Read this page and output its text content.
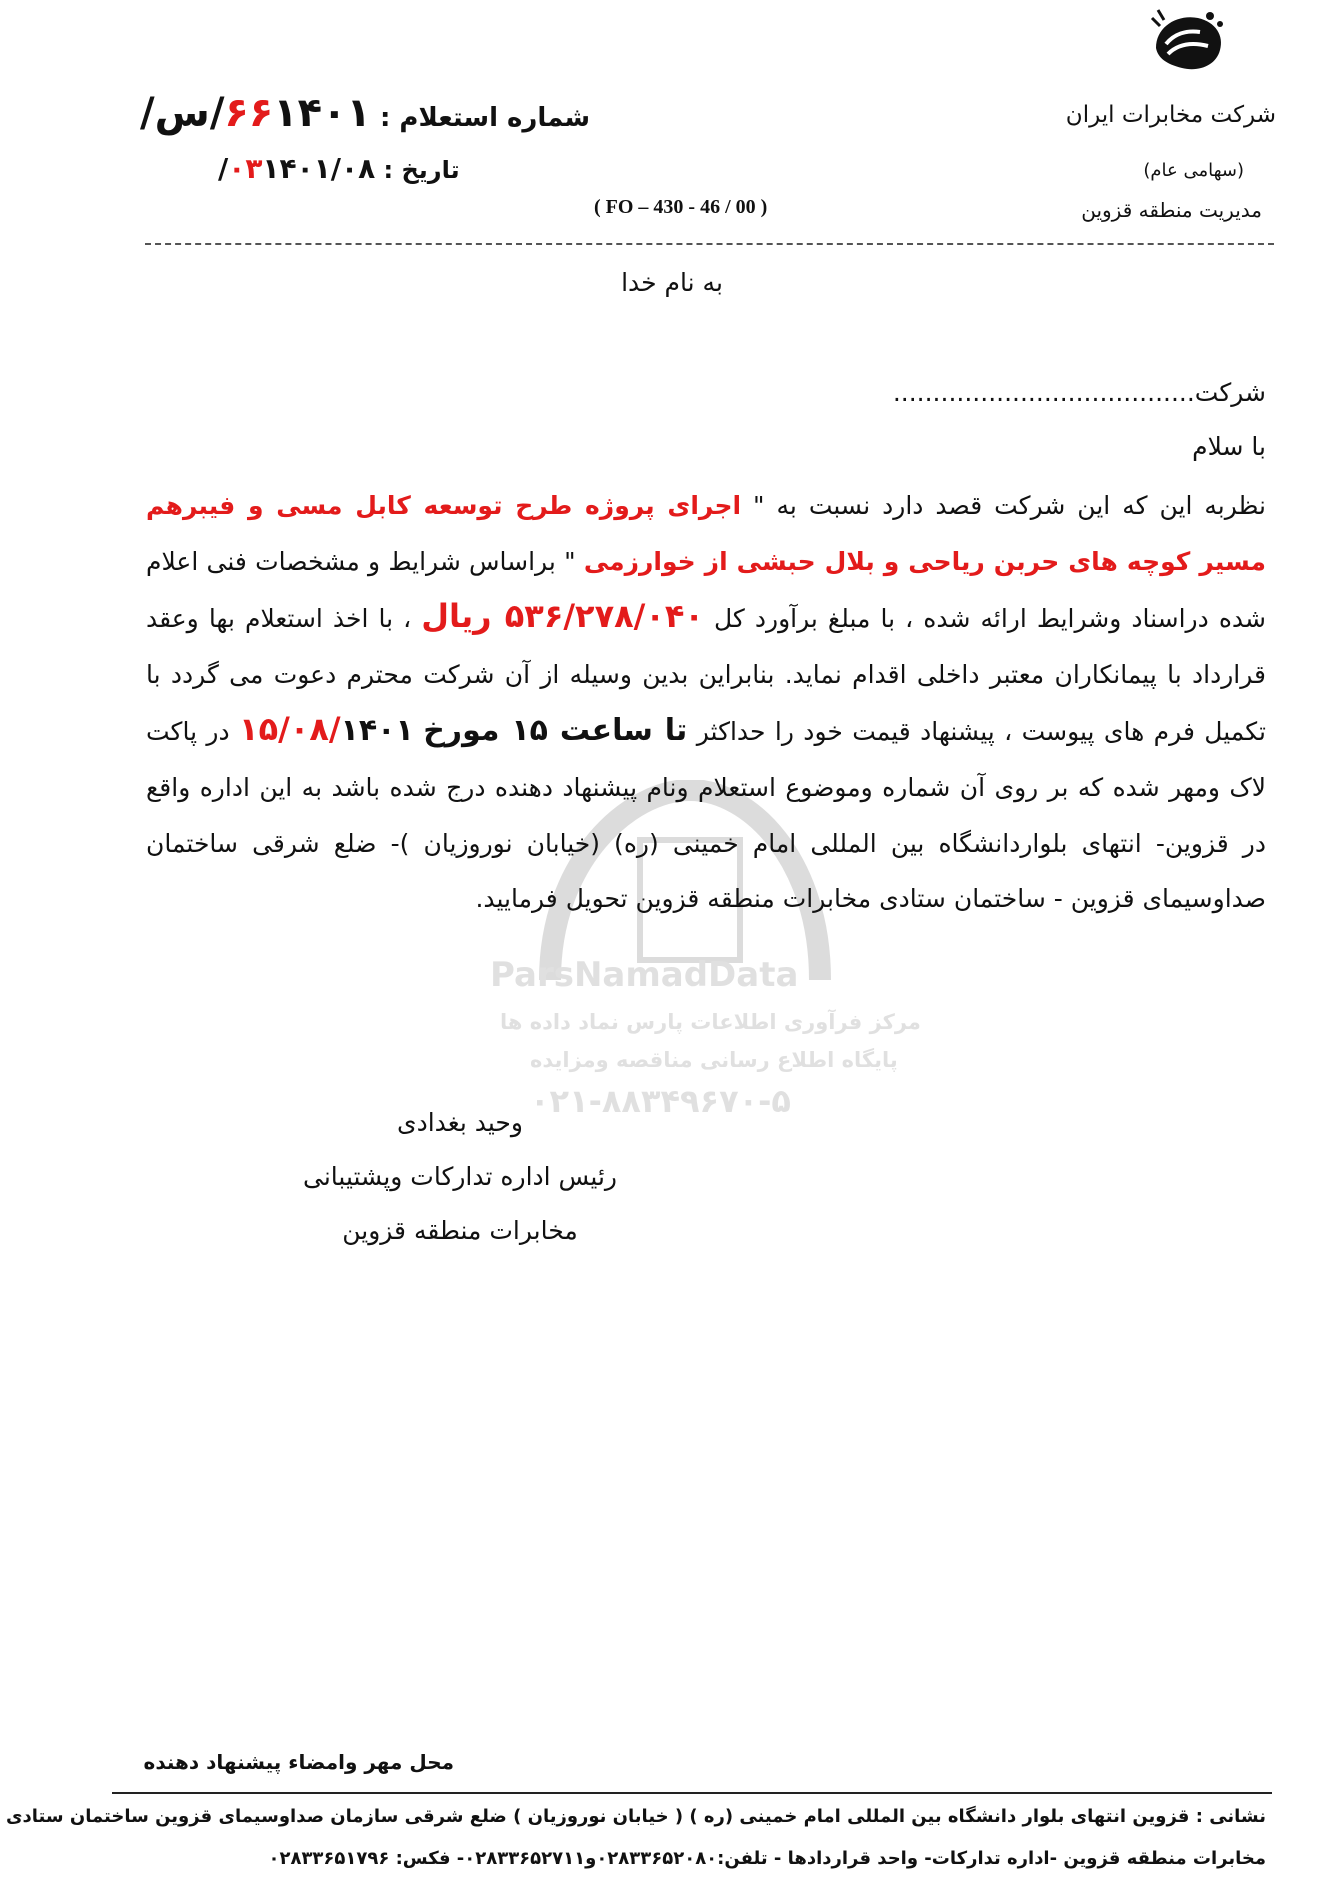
شرکت مخابرات ایران
(سهامی عام)
مدیریت منطقه قزوین
شماره استعلام : ۶۶۱۴۰۱/س/
تاریخ : ۰۳۱۴۰۱/۰۸/
( FO – 430 - 46 / 00 )
به نام خدا
شرکت......................................
با سلام
ParsNamadData
مرکز فرآوری اطلاعات پارس نماد داده ها
پایگاه اطلاع رسانی مناقصه ومزایده
۰۲۱-۸۸۳۴۹۶۷۰-۵
نظربه این که این شرکت قصد دارد نسبت به " اجرای پروژه طرح توسعه کابل مسی و فیبرهم مسیر کوچه های حربن ریاحی و بلال حبشی از خوارزمی " براساس شرایط و مشخصات فنی اعلام شده دراسناد وشرایط ارائه شده ، با مبلغ برآورد کل ۵۳۶/۲۷۸/۰۴۰ ریال ، با اخذ استعلام بها وعقد قرارداد با پیمانکاران معتبر داخلی اقدام نماید. بنابراین بدین وسیله از آن شرکت محترم دعوت می گردد با تکمیل فرم های پیوست ، پیشنهاد قیمت خود را حداکثر تا ساعت ۱۵ مورخ ۱۵/۰۸/۱۴۰۱ در پاکت لاک ومهر شده که بر روی آن شماره وموضوع استعلام ونام پیشنهاد دهنده درج شده باشد به این اداره واقع در قزوین- انتهای بلواردانشگاه بین المللی امام خمینی (ره) (خیابان نوروزیان )- ضلع شرقی ساختمان صداوسیمای قزوین - ساختمان ستادی مخابرات منطقه قزوین تحویل فرمایید.
وحید بغدادی
رئیس اداره تدارکات وپشتیبانی
مخابرات منطقه قزوین
محل مهر وامضاء پیشنهاد دهنده
نشانی : قزوین انتهای بلوار دانشگاه بین المللی امام خمینی (ره ) ( خیابان نوروزیان ) ضلع شرقی سازمان صداوسیمای قزوین ساختمان ستادی
مخابرات منطقه قزوین -اداره تدارکات- واحد قراردادها - تلفن:۰۲۸۳۳۶۵۲۰۸۰و۰۲۸۳۳۶۵۲۷۱۱- فکس: ۰۲۸۳۳۶۵۱۷۹۶
